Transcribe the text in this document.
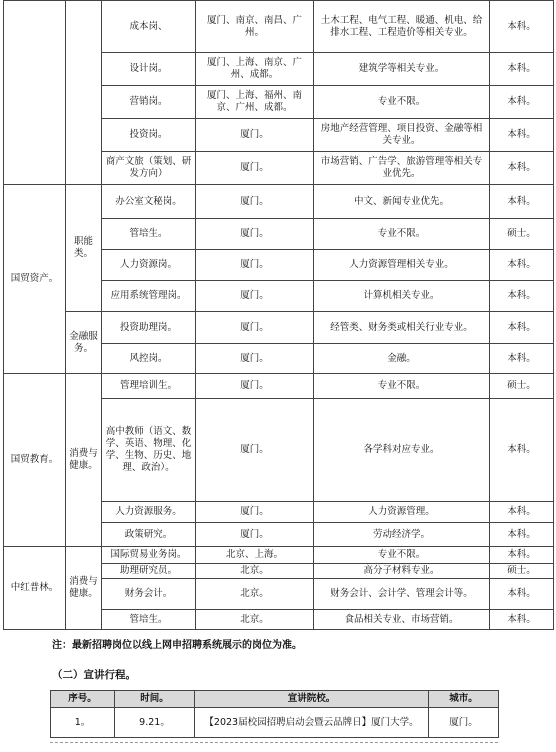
		成本岗、	厦门、南京、南昌、广州。	土木工程、电气工程、暖通、机电、给排水工程、工程造价等相关专业。	本科。
		设计岗。	厦门、上海、南京、广州、成都。	建筑学等相关专业。	本科。
		营销岗。	厦门、上海、福州、南京、广州、成都。	专业不限。	本科。
		投资岗。	厦门。	房地产经营管理、项目投资、金融等相关专业。	本科。
		商产文旅（策划、研发方向）	厦门。	市场营销、广告学、旅游管理等相关专业优先。	本科。
国贸资产。	职能类。	办公室文秘岗。	厦门。	中文、新闻专业优先。	本科。
		管培生。	厦门。	专业不限。	硕士。
		人力资源岗。	厦门。	人力资源管理相关专业。	本科。
		应用系统管理岗。	厦门。	计算机相关专业。	本科。
	金融服务。	投资助理岗。	厦门。	经管类、财务类或相关行业专业。	本科。
		风控岗。	厦门。	金融。	本科。
国贸教育。	消费与健康。	管理培训生。	厦门。	专业不限。	硕士。
		高中教师（语文、数学、英语、物理、化学、生物、历史、地理、政治）。	厦门。	各学科对应专业。	本科。
		人力资源服务。	厦门。	人力资源管理。	本科。
		政策研究。	厦门。	劳动经济学。	本科。
中红普林。	消费与健康。	国际贸易业务岗。	北京、上海。	专业不限。	本科。
		助理研究员。	北京。	高分子材料专业。	硕士。
		财务会计。	北京。	财务会计、会计学、管理会计等。	本科。
		管培生。	北京。	食品相关专业、市场营销。	本科。
注：最新招聘岗位以线上网申招聘系统展示的岗位为准。
（二）宣讲行程。
序号。	时间。	宣讲院校。	城市。
1。	9.21。	【2023届校园招聘启动会暨云品牌日】厦门大学。	厦门。
